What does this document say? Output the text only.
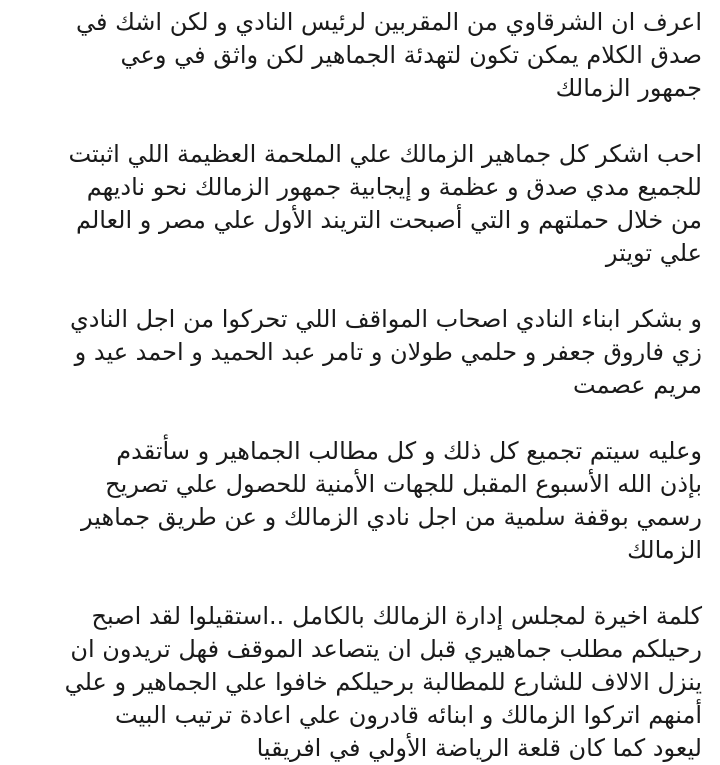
اعرف ان الشرقاوي من المقربين لرئيس النادي و لكن اشك في
صدق الكلام يمكن تكون لتهدئة الجماهير لكن واثق في وعي
جمهور الزمالك

احب اشكر كل جماهير الزمالك علي الملحمة العظيمة اللي اثبتت
للجميع مدي صدق و عظمة و إيجابية جمهور الزمالك نحو ناديهم
من خلال حملتهم و التي أصبحت التريند الأول علي مصر و العالم
علي تويتر

و بشكر ابناء النادي اصحاب المواقف اللي تحركوا من اجل النادي
زي فاروق جعفر و حلمي طولان و تامر عبد الحميد و احمد عيد و
مريم عصمت

وعليه سيتم تجميع كل ذلك و كل مطالب الجماهير و سأتقدم
بإذن الله الأسبوع المقبل للجهات الأمنية للحصول علي تصريح
رسمي بوقفة سلمية من اجل نادي الزمالك و عن طريق جماهير
الزمالك

كلمة اخيرة لمجلس إدارة الزمالك بالكامل ..استقيلوا لقد اصبح
رحيلكم مطلب جماهيري قبل ان يتصاعد الموقف فهل تريدون ان
ينزل الالاف للشارع للمطالبة برحيلكم خافوا علي الجماهير و علي
أمنهم اتركوا الزمالك و ابنائه قادرون علي اعادة ترتيب البيت
ليعود كما كان قلعة الرياضة الأولي في افريقيا
